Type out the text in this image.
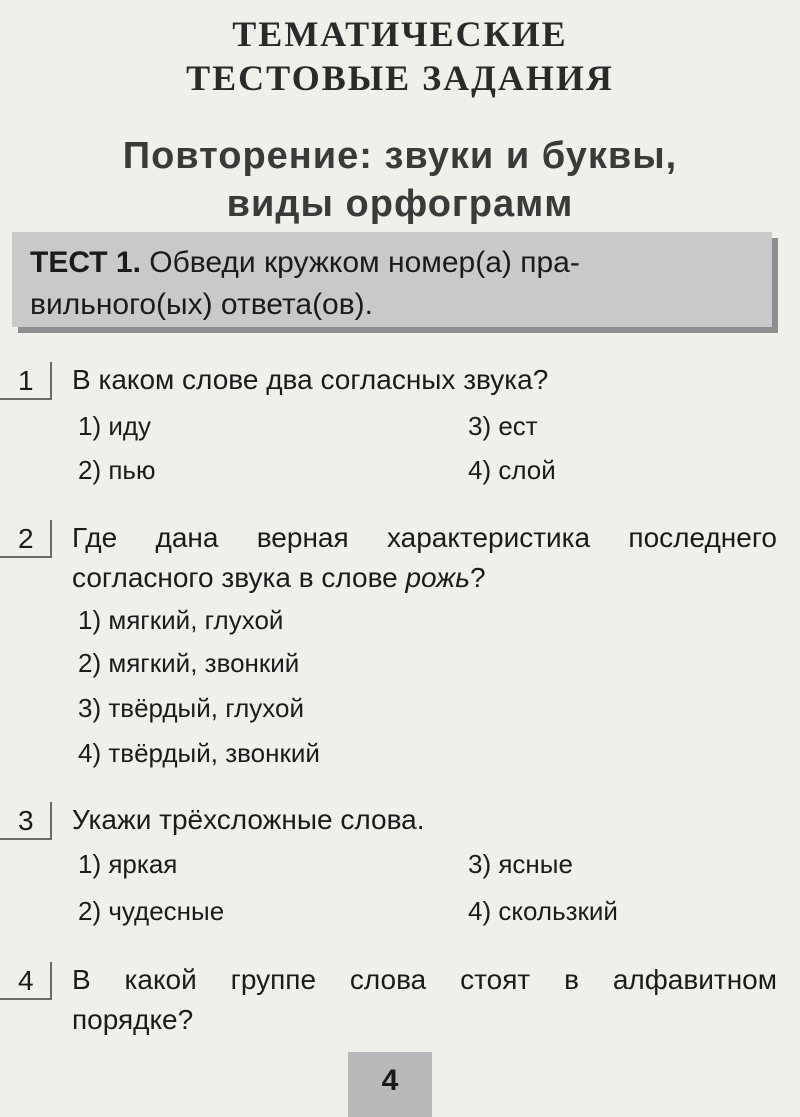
ТЕМАТИЧЕСКИЕ
ТЕСТОВЫЕ ЗАДАНИЯ
Повторение: звуки и буквы,
виды орфограмм
ТЕСТ 1. Обведи кружком номер(а) пра-
вильного(ых) ответа(ов).
1	В каком слове два согласных звука?
1) иду
2) пью
3) ест
4) слой
2	Где дана верная характеристика последнего
согласного звука в слове рожь?
1) мягкий, глухой
2) мягкий, звонкий
3) твёрдый, глухой
4) твёрдый, звонкий
3	Укажи трёхсложные слова.
1) яркая
2) чудесные
3) ясные
4) скользкий
4	В какой группе слова стоят в алфавитном
порядке?
4
